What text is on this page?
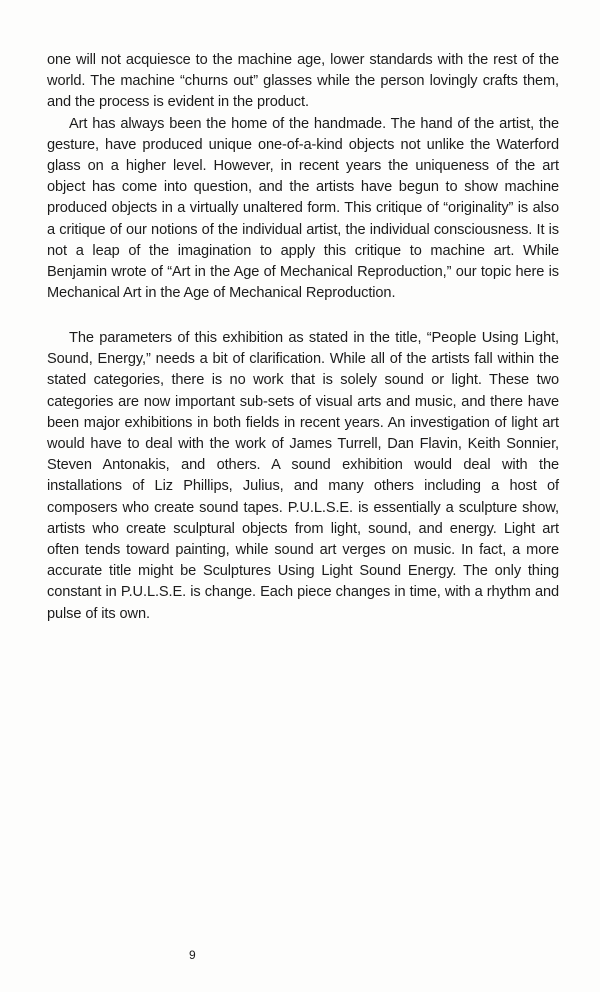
one will not acquiesce to the machine age, lower standards with the rest of the world. The machine “churns out” glasses while the person lovingly crafts them, and the process is evident in the product.

Art has always been the home of the handmade. The hand of the artist, the gesture, have produced unique one-of-a-kind objects not unlike the Waterford glass on a higher level. However, in recent years the uniqueness of the art object has come into question, and the artists have begun to show machine produced objects in a virtually unaltered form. This critique of “originality” is also a critique of our notions of the individual artist, the individual consciousness. It is not a leap of the imagination to apply this critique to machine art. While Benjamin wrote of “Art in the Age of Mechanical Reproduction,” our topic here is Mechanical Art in the Age of Mechanical Reproduction.

The parameters of this exhibition as stated in the title, “People Using Light, Sound, Energy,” needs a bit of clarification. While all of the artists fall within the stated categories, there is no work that is solely sound or light. These two categories are now important sub-sets of visual arts and music, and there have been major exhibitions in both fields in recent years. An investigation of light art would have to deal with the work of James Turrell, Dan Flavin, Keith Sonnier, Steven Antonakis, and others. A sound exhibition would deal with the installations of Liz Phillips, Julius, and many others including a host of composers who create sound tapes. P.U.L.S.E. is essentially a sculpture show, artists who create sculptural objects from light, sound, and energy. Light art often tends toward painting, while sound art verges on music. In fact, a more accurate title might be Sculptures Using Light Sound Energy. The only thing constant in P.U.L.S.E. is change. Each piece changes in time, with a rhythm and pulse of its own.

9
